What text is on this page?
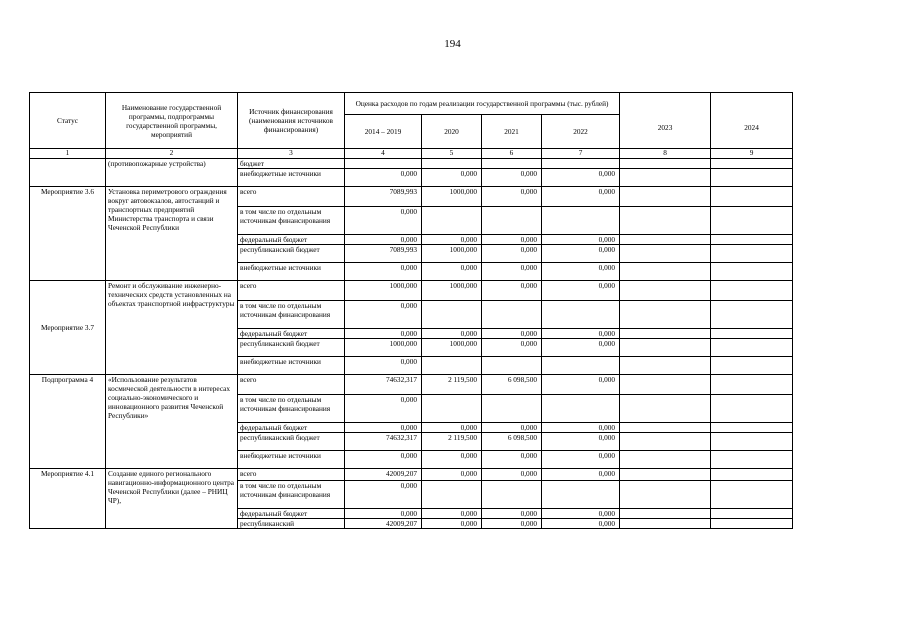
194
Статус	Наименование государственной программы, подпрограммы государственной программы, мероприятий	Источник финансирования (наименования источников финансирования)	Оценка расходов по годам реализации государственной программы (тыс. рублей)				2023	2024
			2014 – 2019	2020	2021	2022		
1	2	3	4	5	6	7	8	9
	(противопожарные устройства)	бюджет						
		внебюджетные источники	0,000	0,000	0,000	0,000		
Мероприятие 3.6	Установка периметрового ограждения вокруг автовокзалов, автостанций и транспортных предприятий Министерства транспорта и связи Чеченской Республики	всего	7089,993	1000,000	0,000	0,000		
		в том числе по отдельным источникам финансирования	0,000					
		федеральный бюджет	0,000	0,000	0,000	0,000		
		республиканский бюджет	7089,993	1000,000	0,000	0,000		
		внебюджетные источники	0,000	0,000	0,000	0,000		
Мероприятие 3.7	Ремонт и обслуживание инженерно-технических средств установленных на объектах транспортной инфраструктуры	всего	1000,000	1000,000	0,000	0,000		
		в том числе по отдельным источникам финансирования	0,000					
		федеральный бюджет	0,000	0,000	0,000	0,000		
		республиканский бюджет	1000,000	1000,000	0,000	0,000		
		внебюджетные источники	0,000					
Подпрограмма 4	«Использование результатов космической деятельности в интересах социально-экономического и инновационного развития Чеченской Республики»	всего	74632,317	2 119,500	6 098,500	0,000		
		в том числе по отдельным источникам финансирования	0,000					
		федеральный бюджет	0,000	0,000	0,000	0,000		
		республиканский бюджет	74632,317	2 119,500	6 098,500	0,000		
		внебюджетные источники	0,000	0,000	0,000	0,000		
Мероприятие 4.1	Создание единого регионального навигационно-информационного центра Чеченской Республики (далее – РНИЦ ЧР),	всего	42009,207	0,000	0,000	0,000		
		в том числе по отдельным источникам финансирования	0,000					
		федеральный бюджет	0,000	0,000	0,000	0,000		
		республиканский	42009,207	0,000	0,000	0,000		
